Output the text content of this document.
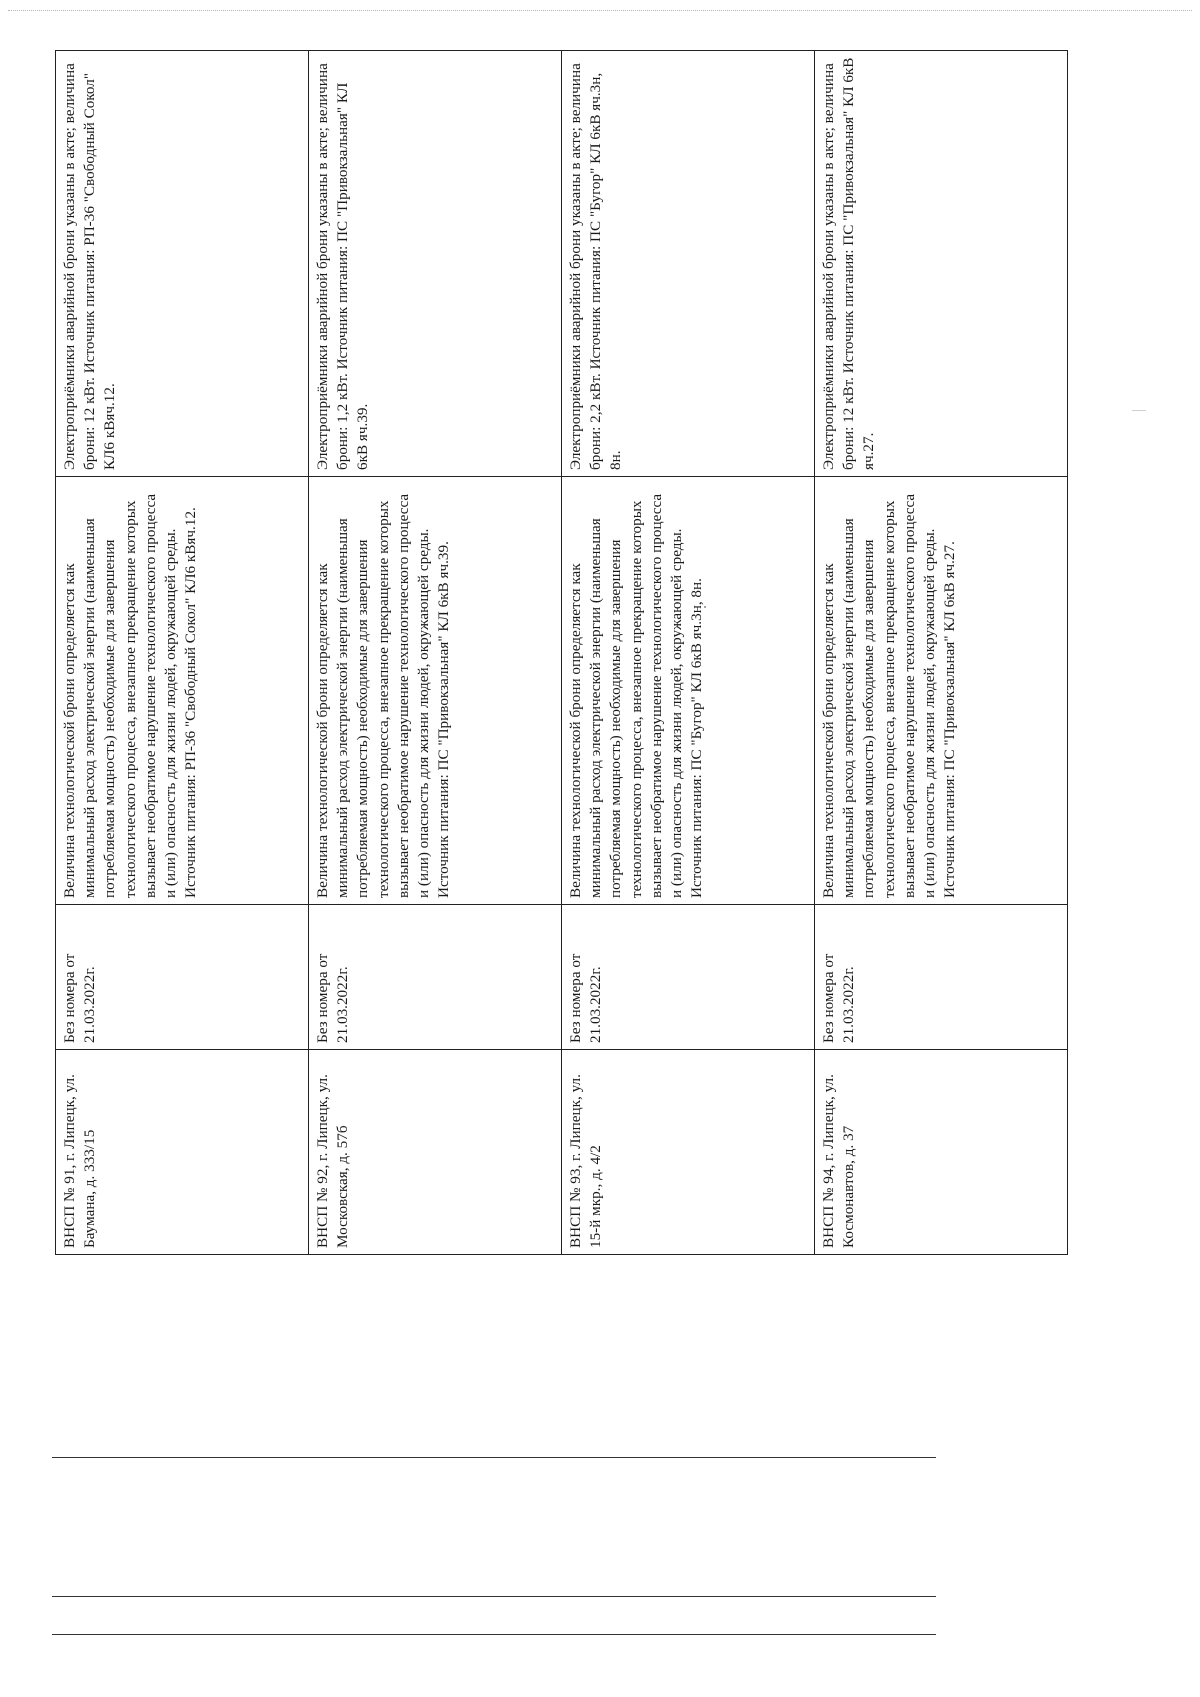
ВНСП № 91, г. Липецк, ул. Баумана, д. 333/15	Без номера от 21.03.2022г.	Величина технологической брони определяется как минимальный расход электрической энергии (наименьшая потребляемая мощность) необходимые для завершения технологического процесса, внезапное прекращение которых вызывает необратимое нарушение технологического процесса и (или) опасность для жизни людей, окружающей среды. Источник питания: РП-36 "Свободный Сокол" КЛ6 кВяч.12.	Электроприёмники аварийной брони указаны в акте; величина брони: 12 кВт. Источник питания: РП-36 "Свободный Сокол" КЛ6 кВяч.12.

ВНСП № 92, г. Липецк, ул. Московская, д. 57б	Без номера от 21.03.2022г.	Величина технологической брони определяется как минимальный расход электрической энергии (наименьшая потребляемая мощность) необходимые для завершения технологического процесса, внезапное прекращение которых вызывает необратимое нарушение технологического процесса и (или) опасность для жизни людей, окружающей среды. Источник питания: ПС "Привокзальная" КЛ 6кВ яч.39.	Электроприёмники аварийной брони указаны в акте; величина брони: 1,2 кВт. Источник питания: ПС "Привокзальная" КЛ 6кВ яч.39.

ВНСП № 93, г. Липецк, ул. 15-й мкр., д. 4/2	Без номера от 21.03.2022г.	Величина технологической брони определяется как минимальный расход электрической энергии (наименьшая потребляемая мощность) необходимые для завершения технологического процесса, внезапное прекращение которых вызывает необратимое нарушение технологического процесса и (или) опасность для жизни людей, окружающей среды. Источник питания: ПС "Бугор" КЛ 6кВ яч.3н, 8н.	Электроприёмники аварийной брони указаны в акте; величина брони: 2,2 кВт. Источник питания: ПС "Бугор" КЛ 6кВ яч.3н, 8н.

ВНСП № 94, г. Липецк, ул. Космонавтов, д. 37	Без номера от 21.03.2022г.	Величина технологической брони определяется как минимальный расход электрической энергии (наименьшая потребляемая мощность) необходимые для завершения технологического процесса, внезапное прекращение которых вызывает необратимое нарушение технологического процесса и (или) опасность для жизни людей, окружающей среды. Источник питания: ПС "Привокзальная" КЛ 6кВ яч.27.	Электроприёмники аварийной брони указаны в акте; величина брони: 12 кВт. Источник питания: ПС "Привокзальная" КЛ 6кВ яч.27.
